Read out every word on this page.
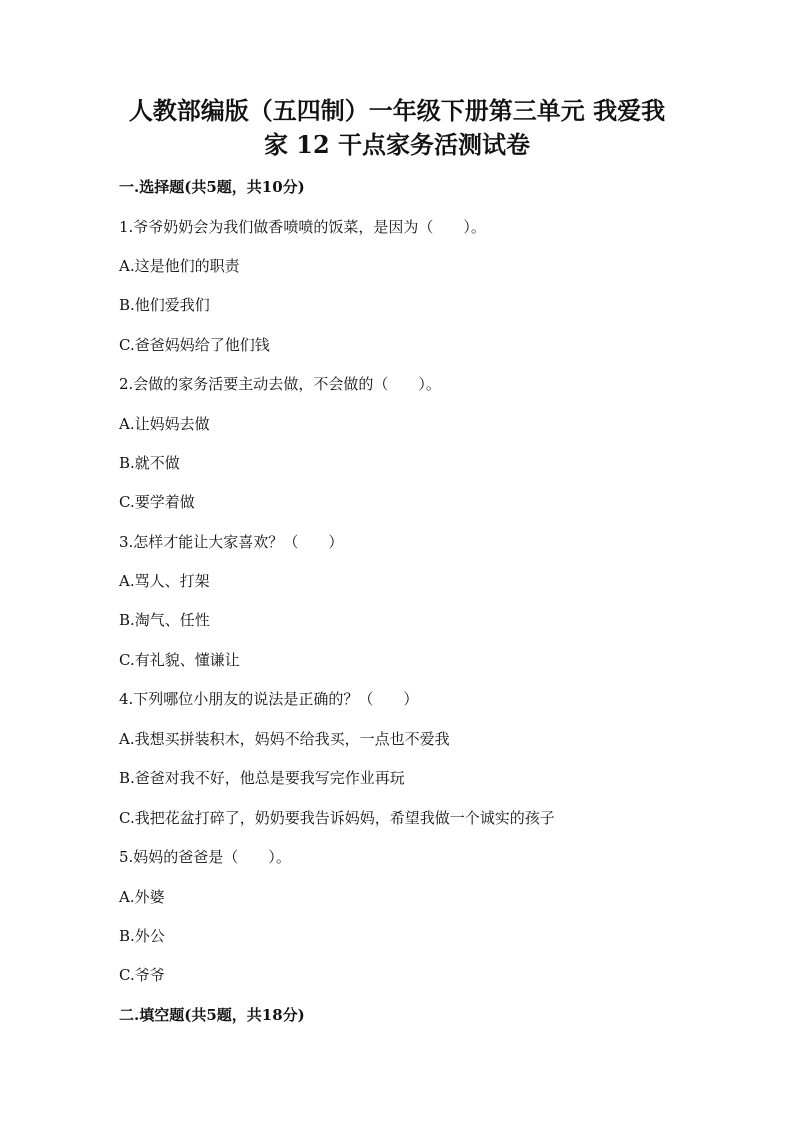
人教部编版（五四制）一年级下册第三单元 我爱我
家 12 干点家务活测试卷

一.选择题(共5题，共10分)

1.爷爷奶奶会为我们做香喷喷的饭菜，是因为（　　）。

A.这是他们的职责

B.他们爱我们

C.爸爸妈妈给了他们钱

2.会做的家务活要主动去做，不会做的（　　）。

A.让妈妈去做

B.就不做

C.要学着做

3.怎样才能让大家喜欢？（　　）

A.骂人、打架

B.淘气、任性

C.有礼貌、懂谦让

4.下列哪位小朋友的说法是正确的？（　　）

A.我想买拼装积木，妈妈不给我买，一点也不爱我

B.爸爸对我不好，他总是要我写完作业再玩

C.我把花盆打碎了，奶奶要我告诉妈妈，希望我做一个诚实的孩子

5.妈妈的爸爸是（　　）。

A.外婆

B.外公

C.爷爷

二.填空题(共5题，共18分)
